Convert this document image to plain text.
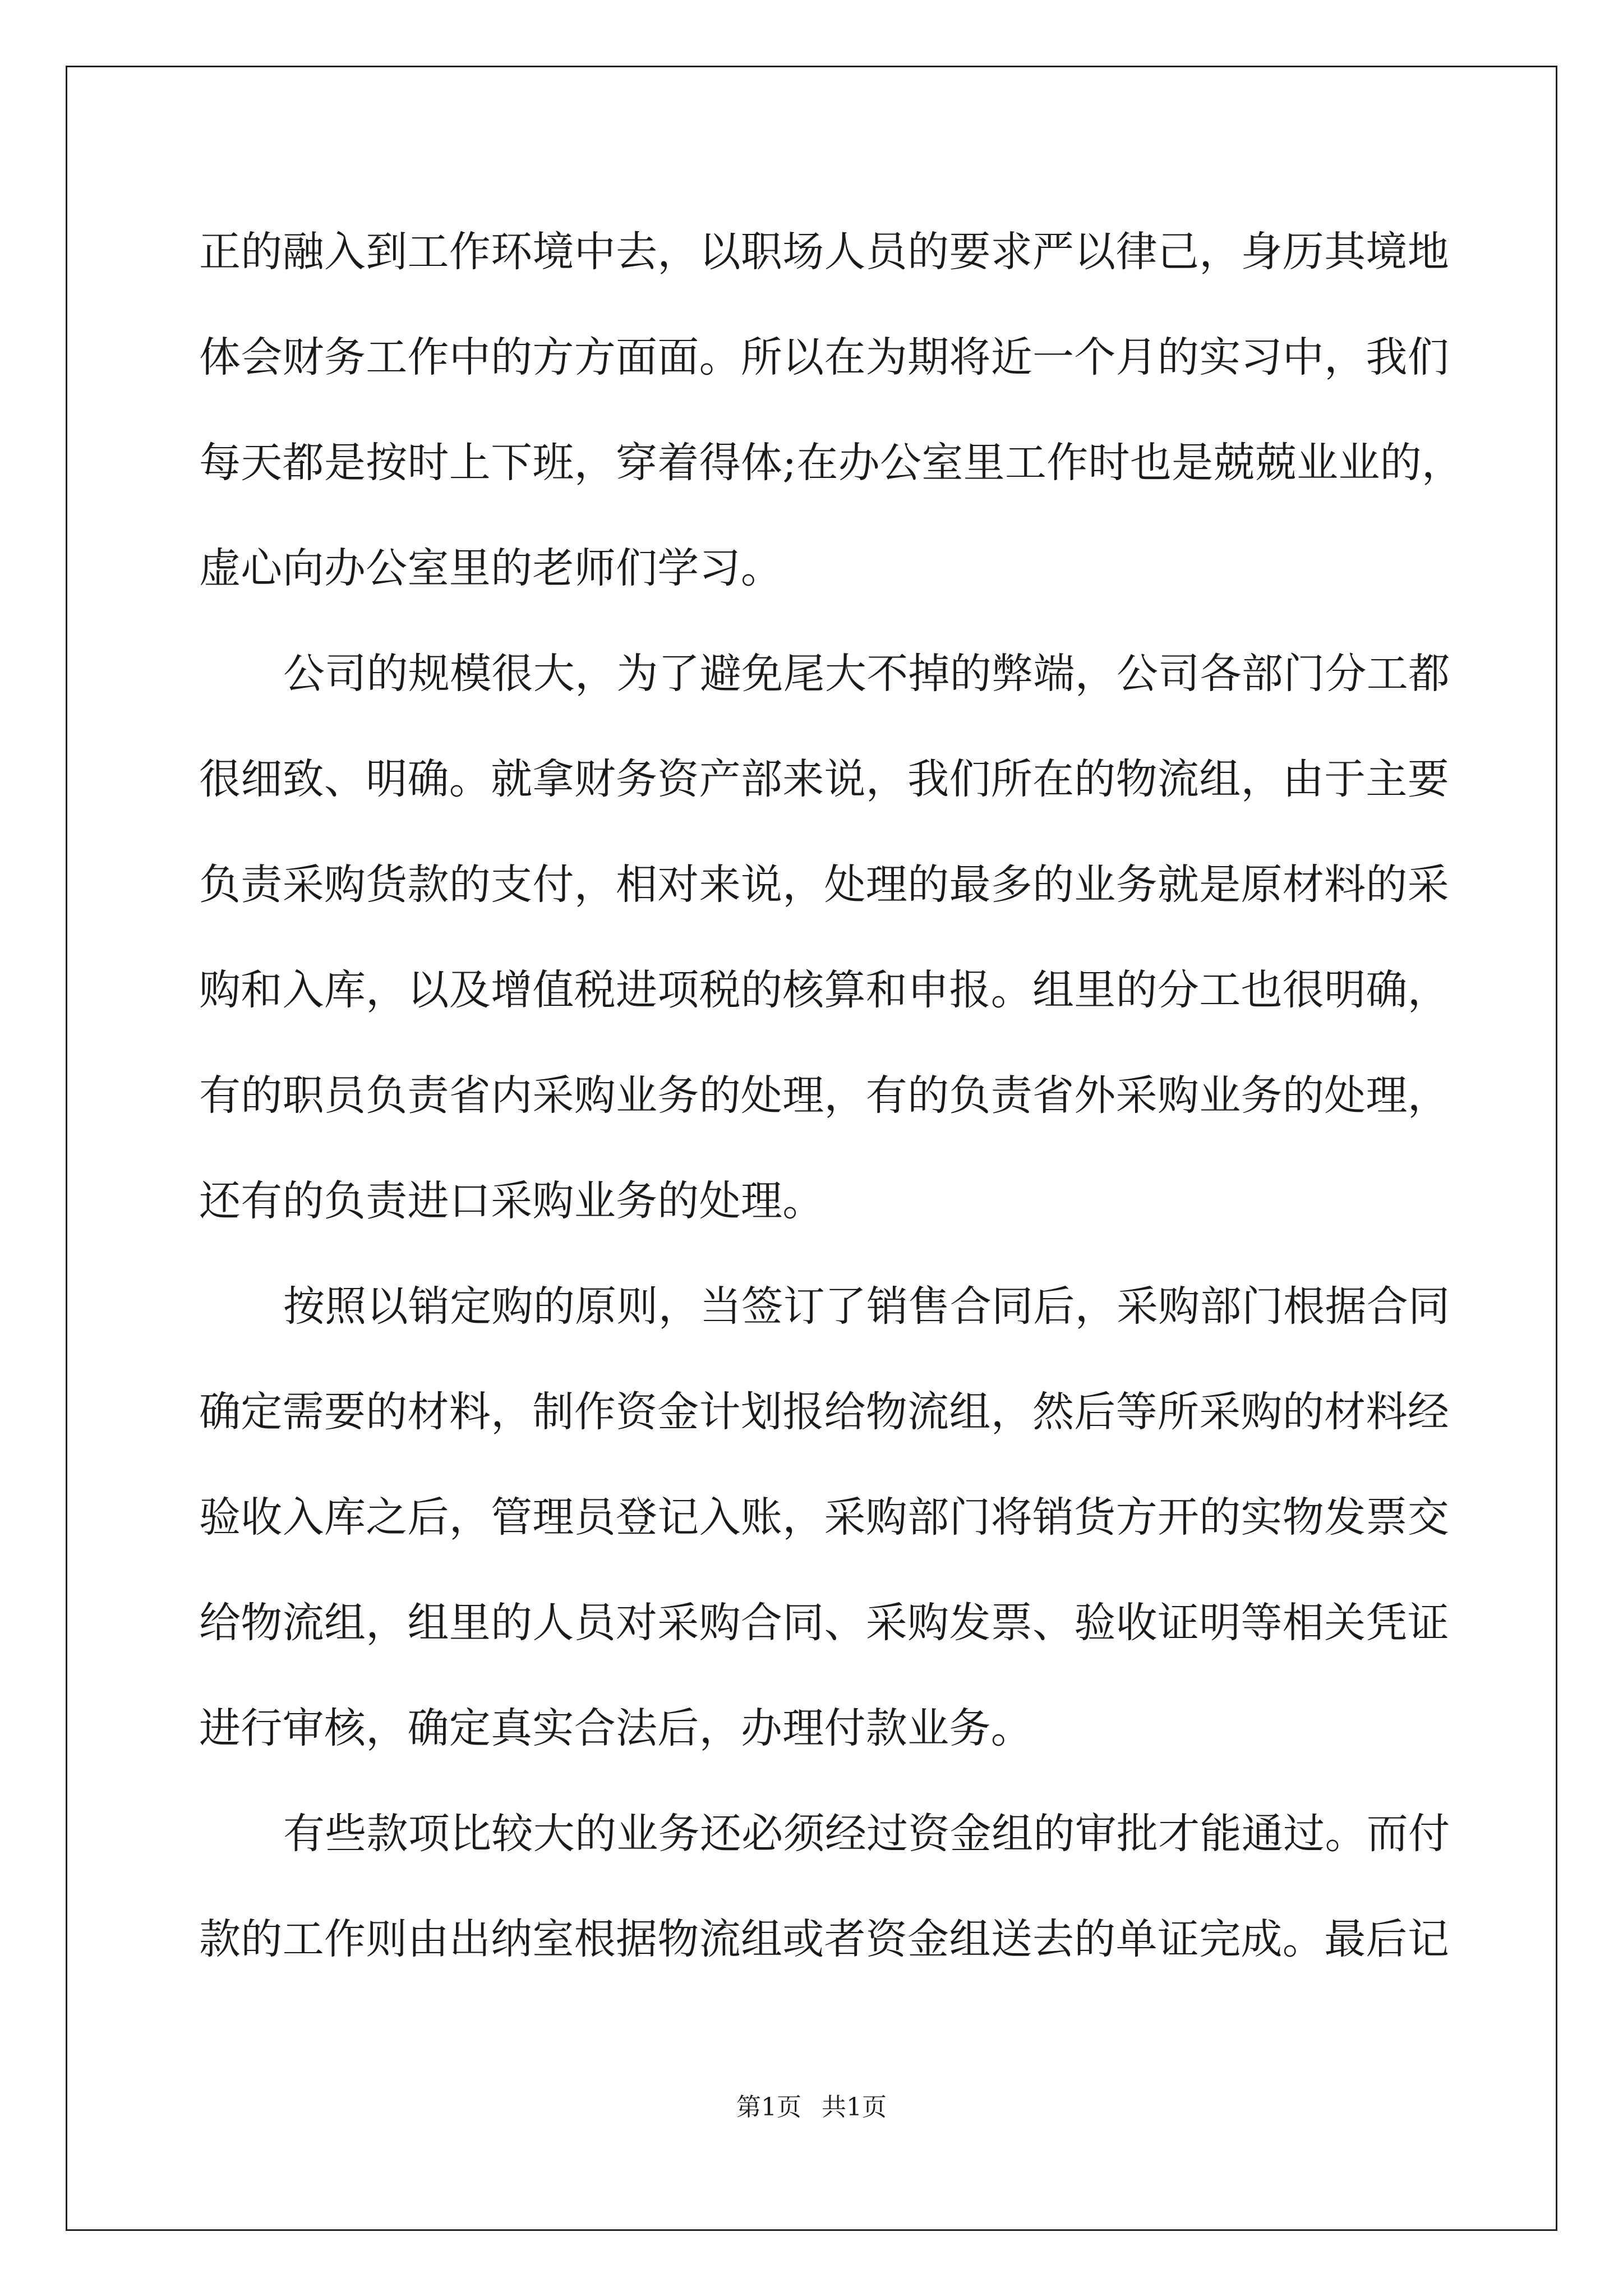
正的融入到工作环境中去，以职场人员的要求严以律己，身历其境地
体会财务工作中的方方面面。所以在为期将近一个月的实习中，我们
每天都是按时上下班，穿着得体;在办公室里工作时也是兢兢业业的，
虚心向办公室里的老师们学习。
公司的规模很大，为了避免尾大不掉的弊端，公司各部门分工都
很细致、明确。就拿财务资产部来说，我们所在的物流组，由于主要
负责采购货款的支付，相对来说，处理的最多的业务就是原材料的采
购和入库，以及增值税进项税的核算和申报。组里的分工也很明确，
有的职员负责省内采购业务的处理，有的负责省外采购业务的处理，
还有的负责进口采购业务的处理。
按照以销定购的原则，当签订了销售合同后，采购部门根据合同
确定需要的材料，制作资金计划报给物流组，然后等所采购的材料经
验收入库之后，管理员登记入账，采购部门将销货方开的实物发票交
给物流组，组里的人员对采购合同、采购发票、验收证明等相关凭证
进行审核，确定真实合法后，办理付款业务。
有些款项比较大的业务还必须经过资金组的审批才能通过。而付
款的工作则由出纳室根据物流组或者资金组送去的单证完成。最后记
第1页 共1页
